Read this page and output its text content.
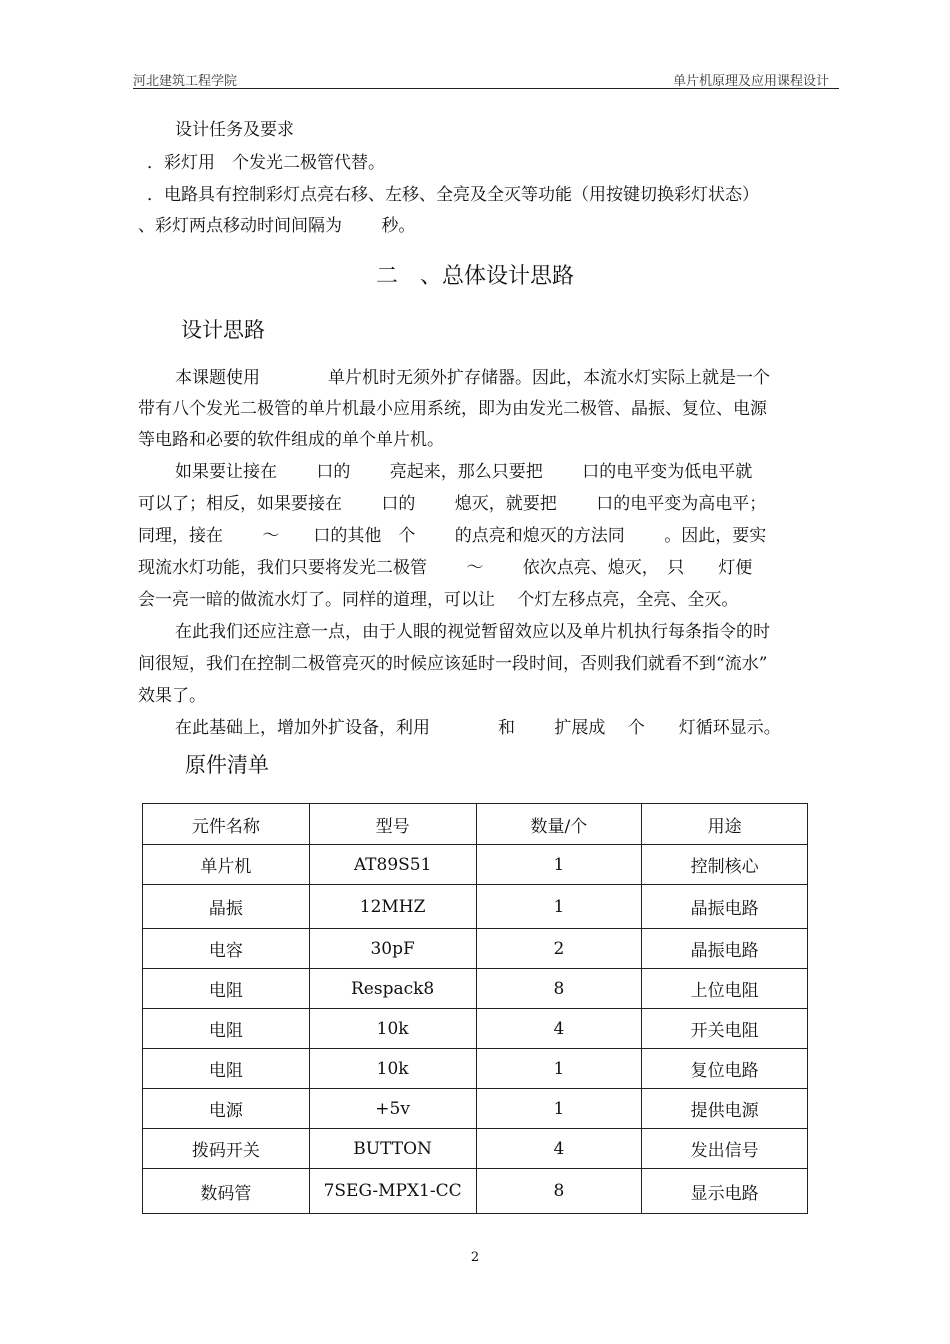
河北建筑工程学院	单片机原理及应用课程设计
设计任务及要求
．彩灯用　个发光二极管代替。
．电路具有控制彩灯点亮右移、左移、全亮及全灭等功能（用按键切换彩灯状态）
、彩灯两点移动时间间隔为　　 秒。
二　、总体设计思路
设计思路
本课题使用　　　　单片机时无须外扩存储器。因此，本流水灯实际上就是一个
带有八个发光二极管的单片机最小应用系统，即为由发光二极管、晶振、复位、电源
等电路和必要的软件组成的单个单片机。
如果要让接在　　 口的　　 亮起来，那么只要把　　 口的电平变为低电平就
可以了；相反，如果要接在　　 口的　　 熄灭，就要把　　 口的电平变为高电平；
同理，接在　　 ～　　口的其他　个　　 的点亮和熄灭的方法同　　 。因此，要实
现流水灯功能，我们只要将发光二极管　　 ～　　 依次点亮、熄灭，　只　　灯便
会一亮一暗的做流水灯了。同样的道理，可以让　 个灯左移点亮，全亮、全灭。
在此我们还应注意一点，由于人眼的视觉暂留效应以及单片机执行每条指令的时
间很短，我们在控制二极管亮灭的时候应该延时一段时间，否则我们就看不到“流水”
效果了。
在此基础上，增加外扩设备，利用　　　　和　　 扩展成　 个　　灯循环显示。
原件清单
元件名称	型号	数量/个	用途
单片机	AT89S51	1	控制核心
晶振	12MHZ	1	晶振电路
电容	30pF	2	晶振电路
电阻	Respack8	8	上位电阻
电阻	10k	4	开关电阻
电阻	10k	1	复位电路
电源	+5v	1	提供电源
拨码开关	BUTTON	4	发出信号
数码管	7SEG-MPX1-CC	8	显示电路
2
